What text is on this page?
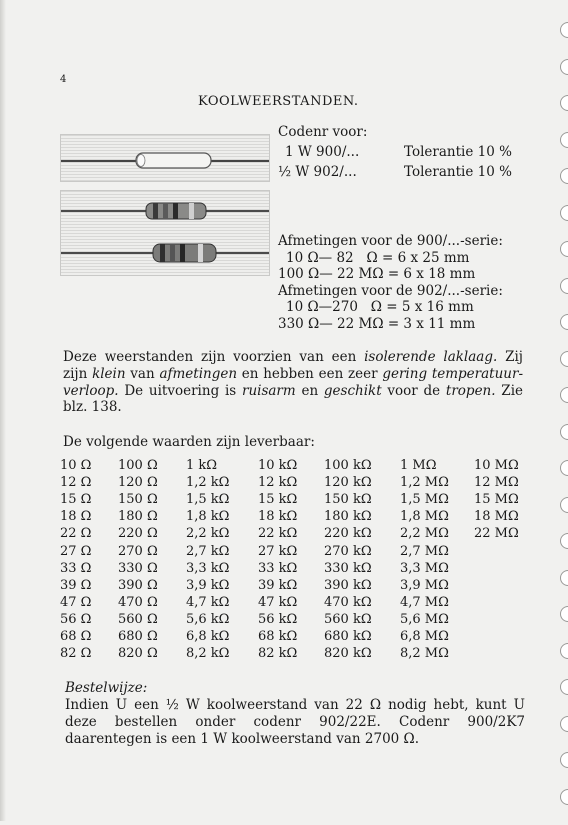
4
KOOLWEERSTANDEN.
Codenr voor:
1 W 900/...	Tolerantie 10 %
½ W 902/...	Tolerantie 10 %
Afmetingen voor de 900/...-serie:
10 Ω— 82   Ω = 6 x 25 mm
100 Ω— 22 MΩ = 6 x 18 mm
Afmetingen voor de 902/...-serie:
10 Ω—270   Ω = 5 x 16 mm
330 Ω— 22 MΩ = 3 x 11 mm
Deze weerstanden zijn voorzien van een isolerende laklaag. Zij zijn klein van afmetingen en hebben een zeer gering temperatuur-verloop. De uitvoering is ruisarm en geschikt voor de tropen. Zie blz. 138.
De volgende waarden zijn leverbaar:
10 Ω	100 Ω	1 kΩ	10 kΩ	100 kΩ	1 MΩ	10 MΩ
12 Ω	120 Ω	1,2 kΩ	12 kΩ	120 kΩ	1,2 MΩ	12 MΩ
15 Ω	150 Ω	1,5 kΩ	15 kΩ	150 kΩ	1,5 MΩ	15 MΩ
18 Ω	180 Ω	1,8 kΩ	18 kΩ	180 kΩ	1,8 MΩ	18 MΩ
22 Ω	220 Ω	2,2 kΩ	22 kΩ	220 kΩ	2,2 MΩ	22 MΩ
27 Ω	270 Ω	2,7 kΩ	27 kΩ	270 kΩ	2,7 MΩ	
33 Ω	330 Ω	3,3 kΩ	33 kΩ	330 kΩ	3,3 MΩ	
39 Ω	390 Ω	3,9 kΩ	39 kΩ	390 kΩ	3,9 MΩ	
47 Ω	470 Ω	4,7 kΩ	47 kΩ	470 kΩ	4,7 MΩ	
56 Ω	560 Ω	5,6 kΩ	56 kΩ	560 kΩ	5,6 MΩ	
68 Ω	680 Ω	6,8 kΩ	68 kΩ	680 kΩ	6,8 MΩ	
82 Ω	820 Ω	8,2 kΩ	82 kΩ	820 kΩ	8,2 MΩ	
Bestelwijze:
Indien U een ½ W koolweerstand van 22 Ω nodig hebt, kunt U deze bestellen onder codenr 902/22E. Codenr 900/2K7 daarentegen is een 1 W koolweerstand van 2700 Ω.
